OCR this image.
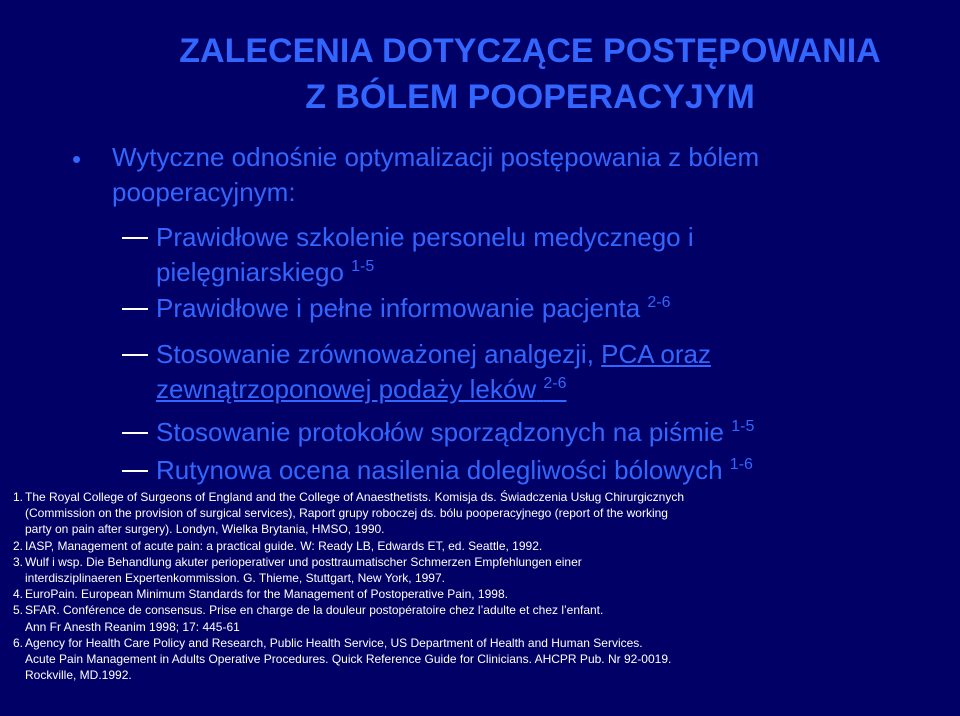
ZALECENIA DOTYCZĄCE POSTĘPOWANIA
Z BÓLEM POOPERACYJYM
• Wytyczne odnośnie optymalizacji postępowania z bólem pooperacyjnym:
Prawidłowe szkolenie personelu medycznego i pielęgniarskiego $^{1-5}$
Prawidłowe i pełne informowanie pacjenta $^{2-6}$
Stosowanie zrównoważonej analgezji, PCA oraz zewnątrzoponowej podaży leków $^{2-6}$
Stosowanie protokołów sporządzonych na piśmie $^{1-5}$
Rutynowa ocena nasilenia dolegliwości bólowych $^{1-6}$
1. The Royal College of Surgeons of England and the College of Anaesthetists. Komisja ds. Świadczenia Usług Chirurgicznych
(Commission on the provision of surgical services), Raport grupy roboczej ds. bólu pooperacyjnego (report of the working
party on pain after surgery). Londyn, Wielka Brytania, HMSO, 1990.
2. IASP, Management of acute pain: a practical guide. W: Ready LB, Edwards ET, ed. Seattle, 1992.
3. Wulf i wsp. Die Behandlung akuter perioperativer und posttraumatischer Schmerzen Empfehlungen einer
interdisziplinaeren Expertenkommission. G. Thieme, Stuttgart, New York, 1997.
4. EuroPain. European Minimum Standards for the Management of Postoperative Pain, 1998.
5. SFAR. Conférence de consensus. Prise en charge de la douleur postopératoire chez l’adulte et chez l’enfant.
Ann Fr Anesth Reanim 1998; 17: 445-61
6. Agency for Health Care Policy and Research, Public Health Service, US Department of Health and Human Services.
Acute Pain Management in Adults Operative Procedures. Quick Reference Guide for Clinicians. AHCPR Pub. Nr 92-0019.
Rockville, MD.1992.
